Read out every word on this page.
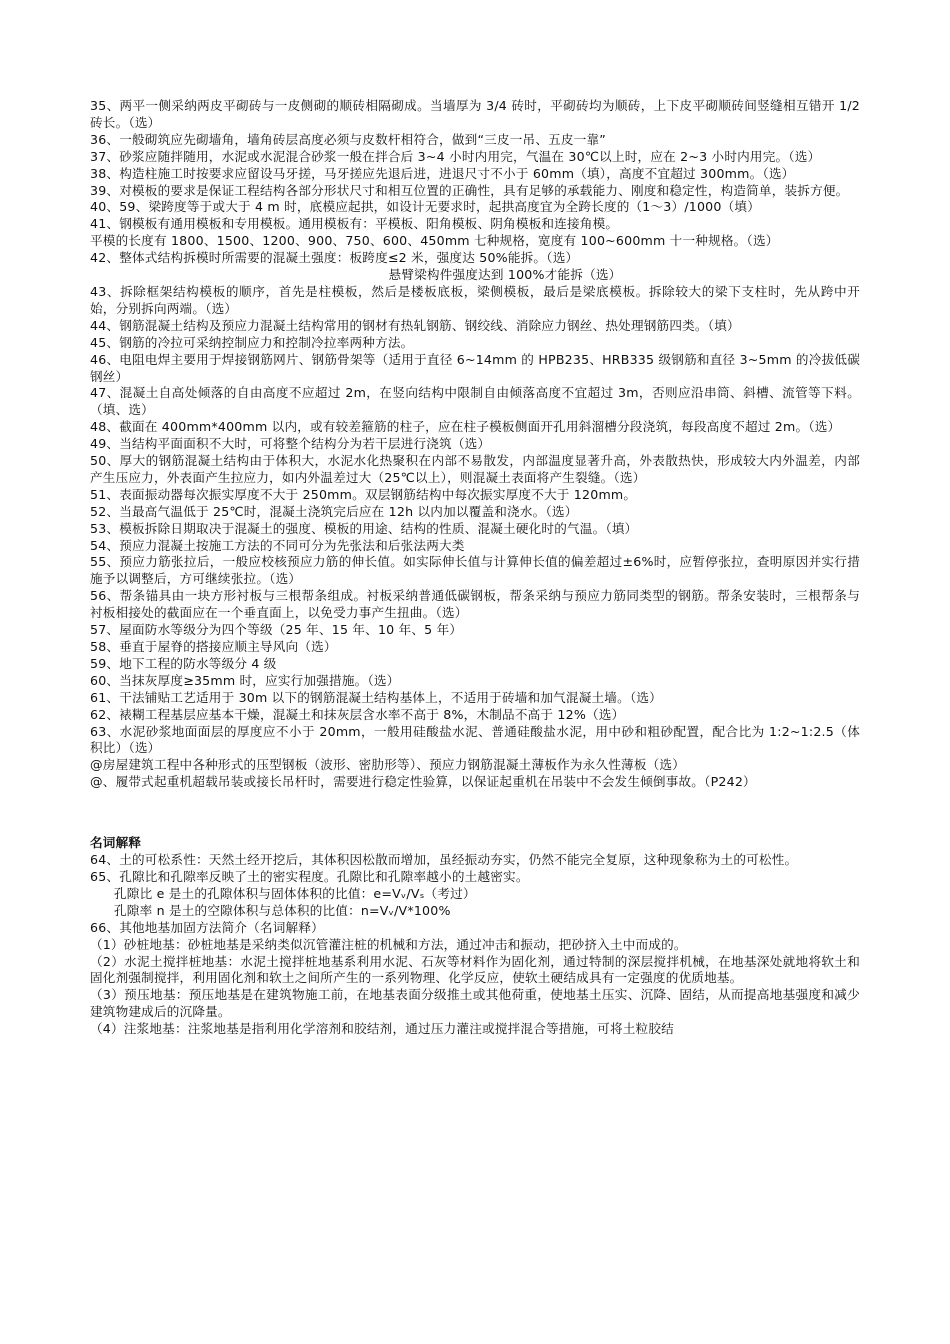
35、两平一侧采纳两皮平砌砖与一皮侧砌的顺砖相隔砌成。当墙厚为 3/4 砖时，平砌砖均为顺砖，上下皮平砌顺砖间竖缝相互错开 1/2 砖长。（选）

36、一般砌筑应先砌墙角，墙角砖层高度必须与皮数杆相符合，做到“三皮一吊、五皮一靠”

37、砂浆应随拌随用，水泥或水泥混合砂浆一般在拌合后 3~4 小时内用完，气温在 30℃以上时，应在 2~3 小时内用完。（选）

38、构造柱施工时按要求应留设马牙搓，马牙搓应先退后进，进退尺寸不小于 60mm（填），高度不宜超过 300mm。（选）

39、对模板的要求是保证工程结构各部分形状尺寸和相互位置的正确性，具有足够的承载能力、刚度和稳定性，构造简单，装拆方便。

40、59、梁跨度等于或大于 4 m 时，底模应起拱，如设计无要求时，起拱高度宜为全跨长度的（1～3）/1000（填）

41、钢模板有通用模板和专用模板。通用模板有：平模板、阳角模板、阴角模板和连接角模。

平模的长度有 1800、1500、1200、900、750、600、450mm 七种规格，宽度有 100~600mm 十一种规格。（选）

42、整体式结构拆模时所需要的混凝土强度：板跨度≤2 米，强度达 50%能拆。（选）

悬臂梁构件强度达到 100%才能拆（选）

43、拆除框架结构模板的顺序，首先是柱模板，然后是楼板底板，梁侧模板，最后是梁底模板。拆除较大的梁下支柱时，先从跨中开始，分别拆向两端。（选）

44、钢筋混凝土结构及预应力混凝土结构常用的钢材有热轧钢筋、钢绞线、消除应力钢丝、热处理钢筋四类。（填）

45、钢筋的冷拉可采纳控制应力和控制冷拉率两种方法。

46、电阻电焊主要用于焊接钢筋网片、钢筋骨架等（适用于直径 6~14mm 的 HPB235、HRB335 级钢筋和直径 3~5mm 的冷拔低碳钢丝）

47、混凝土自高处倾落的自由高度不应超过 2m，在竖向结构中限制自由倾落高度不宜超过 3m，否则应沿串筒、斜槽、流管等下料。（填、选）

48、截面在 400mm*400mm 以内，或有较差箍筋的柱子，应在柱子模板侧面开孔用斜溜槽分段浇筑，每段高度不超过 2m。（选）

49、当结构平面面积不大时，可将整个结构分为若干层进行浇筑（选）

50、厚大的钢筋混凝土结构由于体积大，水泥水化热聚积在内部不易散发，内部温度显著升高，外表散热快，形成较大内外温差，内部产生压应力，外表面产生拉应力，如内外温差过大（25℃以上），则混凝土表面将产生裂缝。（选）

51、表面振动器每次振实厚度不大于 250mm。双层钢筋结构中每次振实厚度不大于 120mm。

52、当最高气温低于 25℃时，混凝土浇筑完后应在 12h 以内加以覆盖和浇水。（选）

53、模板拆除日期取决于混凝土的强度、模板的用途、结构的性质、混凝土硬化时的气温。（填）

54、预应力混凝土按施工方法的不同可分为先张法和后张法两大类

55、预应力筋张拉后，一般应校核预应力筋的伸长值。如实际伸长值与计算伸长值的偏差超过±6%时，应暂停张拉，查明原因并实行措施予以调整后，方可继续张拉。（选）

56、帮条锚具由一块方形衬板与三根帮条组成。衬板采纳普通低碳钢板，帮条采纳与预应力筋同类型的钢筋。帮条安装时，三根帮条与衬板相接处的截面应在一个垂直面上，以免受力事产生扭曲。（选）

57、屋面防水等级分为四个等级（25 年、15 年、10 年、5 年）

58、垂直于屋脊的搭接应顺主导风向（选）

59、地下工程的防水等级分 4 级

60、当抹灰厚度≥35mm 时，应实行加强措施。（选）

61、干法铺贴工艺适用于 30m 以下的钢筋混凝土结构基体上，不适用于砖墙和加气混凝土墙。（选）

62、裱糊工程基层应基本干燥，混凝土和抹灰层含水率不高于 8%，木制品不高于 12%（选）

63、水泥砂浆地面面层的厚度应不小于 20mm，一般用硅酸盐水泥、普通硅酸盐水泥，用中砂和粗砂配置，配合比为 1:2~1:2.5（体积比）（选）

@房屋建筑工程中各种形式的压型钢板（波形、密肋形等）、预应力钢筋混凝土薄板作为永久性薄板（选）

@、履带式起重机超载吊装或接长吊杆时，需要进行稳定性验算，以保证起重机在吊装中不会发生倾倒事故。（P242）

名词解释

64、土的可松系性：天然土经开挖后，其体积因松散而增加，虽经振动夯实，仍然不能完全复原，这种现象称为土的可松性。

65、孔隙比和孔隙率反映了土的密实程度。孔隙比和孔隙率越小的土越密实。

孔隙比 e 是土的孔隙体积与固体体积的比值：e=Vᵥ/Vₛ（考过）

孔隙率 n 是土的空隙体积与总体积的比值：n=Vᵥ/V*100%

66、其他地基加固方法简介（名词解释）

（1）砂桩地基：砂桩地基是采纳类似沉管灌注桩的机械和方法，通过冲击和振动，把砂挤入土中而成的。

（2）水泥土搅拌桩地基：水泥土搅拌桩地基系利用水泥、石灰等材料作为固化剂，通过特制的深层搅拌机械，在地基深处就地将软土和固化剂强制搅拌，利用固化剂和软土之间所产生的一系列物理、化学反应，使软土硬结成具有一定强度的优质地基。

（3）预压地基：预压地基是在建筑物施工前，在地基表面分级推土或其他荷重，使地基土压实、沉降、固结，从而提高地基强度和减少建筑物建成后的沉降量。

（4）注浆地基：注浆地基是指利用化学溶剂和胶结剂，通过压力灌注或搅拌混合等措施，可将土粒胶结
